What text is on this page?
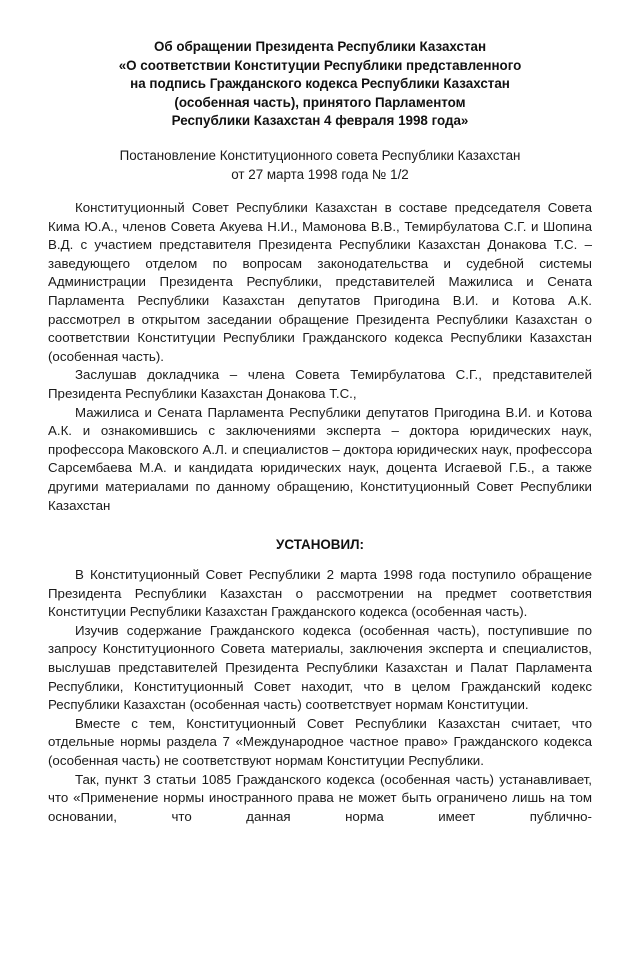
Об обращении Президента Республики Казахстан
«О соответствии Конституции Республики представленного
на подпись Гражданского кодекса Республики Казахстан
(особенная часть), принятого Парламентом
Республики Казахстан 4 февраля 1998 года»
Постановление Конституционного совета Республики Казахстан
от 27 марта 1998 года № 1/2

Конституционный Совет Республики Казахстан в составе председателя Совета Кима Ю.А., членов Совета Акуева Н.И., Мамонова В.В., Темирбулатова С.Г. и Шопина В.Д. с участием представителя Президента Республики Казахстан Донакова Т.С. – заведующего отделом по вопросам законодательства и судебной системы Администрации Президента Республики, представителей Мажилиса и Сената Парламента Республики Казахстан депутатов Пригодина В.И. и Котова А.К. рассмотрел в открытом заседании обращение Президента Республики Казахстан о соответствии Конституции Республики Гражданского кодекса Республики Казахстан (особенная часть).

Заслушав докладчика – члена Совета Темирбулатова С.Г., представителей Президента Республики Казахстан Донакова Т.С.,

Мажилиса и Сената Парламента Республики депутатов Пригодина В.И. и Котова А.К. и ознакомившись с заключениями эксперта – доктора юридических наук, профессора Маковского А.Л. и специалистов – доктора юридических наук, профессора Сарсембаева М.А. и кандидата юридических наук, доцента Исгаевой Г.Б., а также другими материалами по данному обращению, Конституционный Совет Республики Казахстан

УСТАНОВИЛ:

В Конституционный Совет Республики 2 марта 1998 года поступило обращение Президента Республики Казахстан о рассмотрении на предмет соответствия Конституции Республики Казахстан Гражданского кодекса (особенная часть).

Изучив содержание Гражданского кодекса (особенная часть), поступившие по запросу Конституционного Совета материалы, заключения эксперта и специалистов, выслушав представителей Президента Республики Казахстан и Палат Парламента Республики, Конституционный Совет находит, что в целом Гражданский кодекс Республики Казахстан (особенная часть) соответствует нормам Конституции.

Вместе с тем, Конституционный Совет Республики Казахстан считает, что отдельные нормы раздела 7 «Международное частное право» Гражданского кодекса (особенная часть) не соответствуют нормам Конституции Республики.

Так, пункт 3 статьи 1085 Гражданского кодекса (особенная часть) устанавливает, что «Применение нормы иностранного права не может быть ограничено лишь на том основании, что данная норма имеет публично-
